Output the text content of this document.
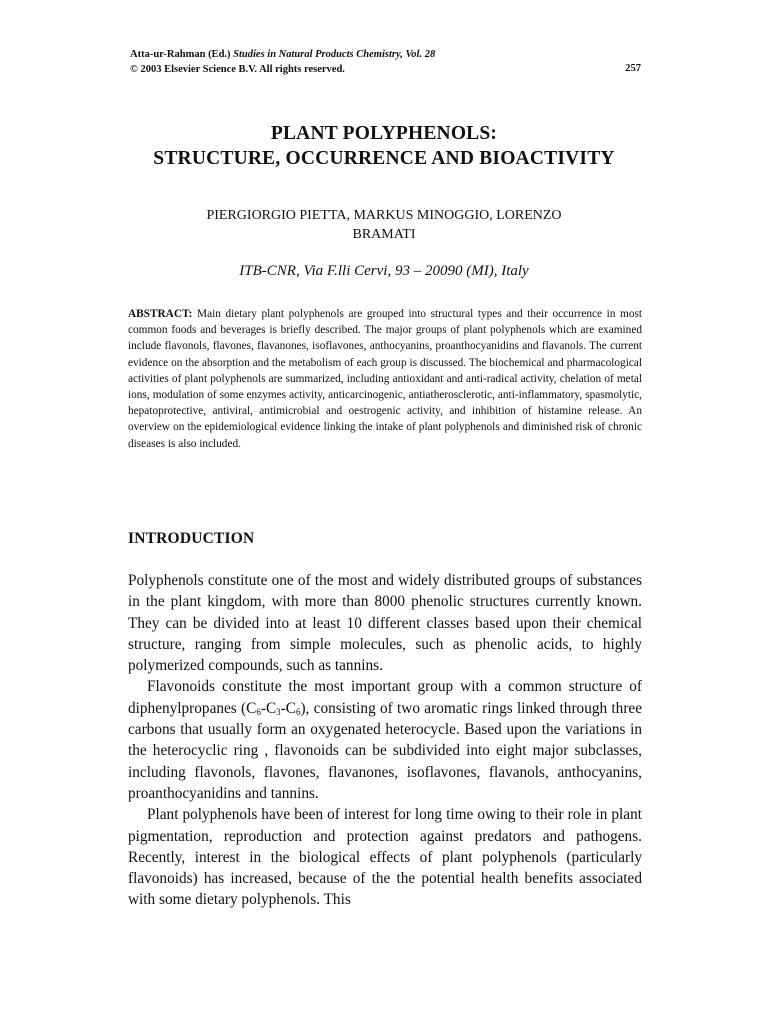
Atta-ur-Rahman (Ed.) Studies in Natural Products Chemistry, Vol. 28
© 2003 Elsevier Science B.V. All rights reserved.	257
PLANT POLYPHENOLS:
STRUCTURE, OCCURRENCE AND BIOACTIVITY
PIERGIORGIO PIETTA, MARKUS MINOGGIO, LORENZO
BRAMATI
ITB-CNR, Via F.lli Cervi, 93 – 20090 (MI), Italy
ABSTRACT: Main dietary plant polyphenols are grouped into structural types and their occurrence in most common foods and beverages is briefly described. The major groups of plant polyphenols which are examined include flavonols, flavones, flavanones, isoflavones, anthocyanins, proanthocyanidins and flavanols. The current evidence on the absorption and the metabolism of each group is discussed. The biochemical and pharmacological activities of plant polyphenols are summarized, including antioxidant and anti-radical activity, chelation of metal ions, modulation of some enzymes activity, anticarcinogenic, antiatherosclerotic, anti-inflammatory, spasmolytic, hepatoprotective, antiviral, antimicrobial and oestrogenic activity, and inhibition of histamine release. An overview on the epidemiological evidence linking the intake of plant polyphenols and diminished risk of chronic diseases is also included.
INTRODUCTION

Polyphenols constitute one of the most and widely distributed groups of substances in the plant kingdom, with more than 8000 phenolic structures currently known. They can be divided into at least 10 different classes based upon their chemical structure, ranging from simple molecules, such as phenolic acids, to highly polymerized compounds, such as tannins.

Flavonoids constitute the most important group with a common structure of diphenylpropanes $(C_6-C_3-C_6)$, consisting of two aromatic rings linked through three carbons that usually form an oxygenated heterocycle. Based upon the variations in the heterocyclic ring , flavonoids can be subdivided into eight major subclasses, including flavonols, flavones, flavanones, isoflavones, flavanols, anthocyanins, proanthocyanidins and tannins.

Plant polyphenols have been of interest for long time owing to their role in plant pigmentation, reproduction and protection against predators and pathogens. Recently, interest in the biological effects of plant polyphenols (particularly flavonoids) has increased, because of the the potential health benefits associated with some dietary polyphenols. This
